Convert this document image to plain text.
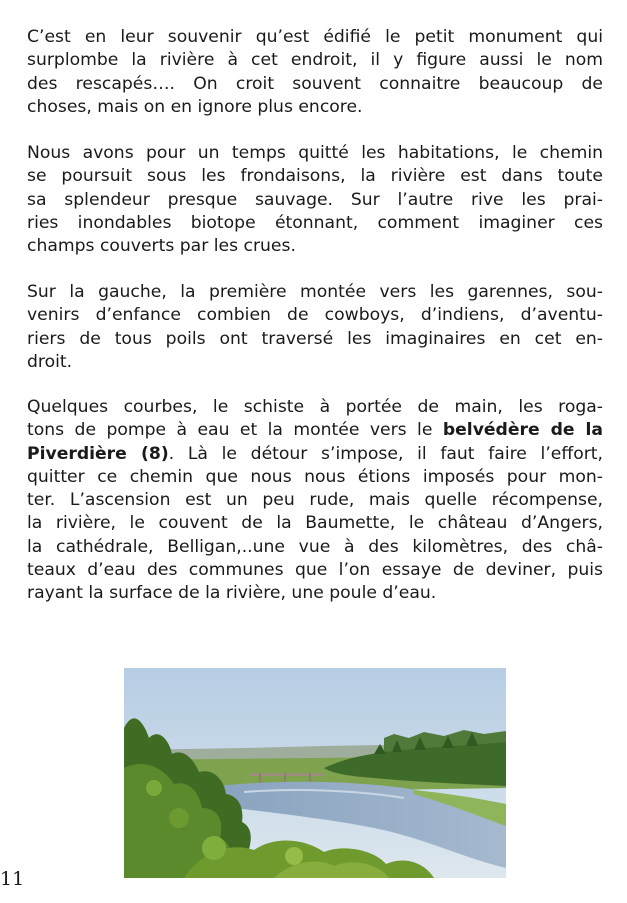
C’est en leur souvenir qu’est édifié le petit monument qui
surplombe la rivière à cet endroit, il y figure aussi le nom
des rescapés…. On croit souvent connaitre beaucoup de
choses, mais on en ignore plus encore.

Nous avons pour un temps quitté les habitations, le chemin
se poursuit sous les frondaisons, la rivière est dans toute
sa splendeur presque sauvage. Sur l’autre rive les prai-
ries inondables biotope étonnant, comment imaginer ces
champs couverts par les crues.

Sur la gauche, la première montée vers les garennes, sou-
venirs d’enfance combien de cowboys, d’indiens, d’aventu-
riers de tous poils ont traversé les imaginaires en cet en-
droit.

Quelques courbes, le schiste à portée de main, les roga-
tons de pompe à eau et la montée vers le belvédère de la
Piverdière (8). Là le détour s’impose, il faut faire l’effort,
quitter ce chemin que nous nous étions imposés pour mon-
ter. L’ascension est un peu rude, mais quelle récompense,
la rivière, le couvent de la Baumette, le château d’Angers,
la cathédrale, Belligan,..une vue à des kilomètres, des châ-
teaux d’eau des communes que l’on essaye de deviner, puis
rayant la surface de la rivière, une poule d’eau.

11
